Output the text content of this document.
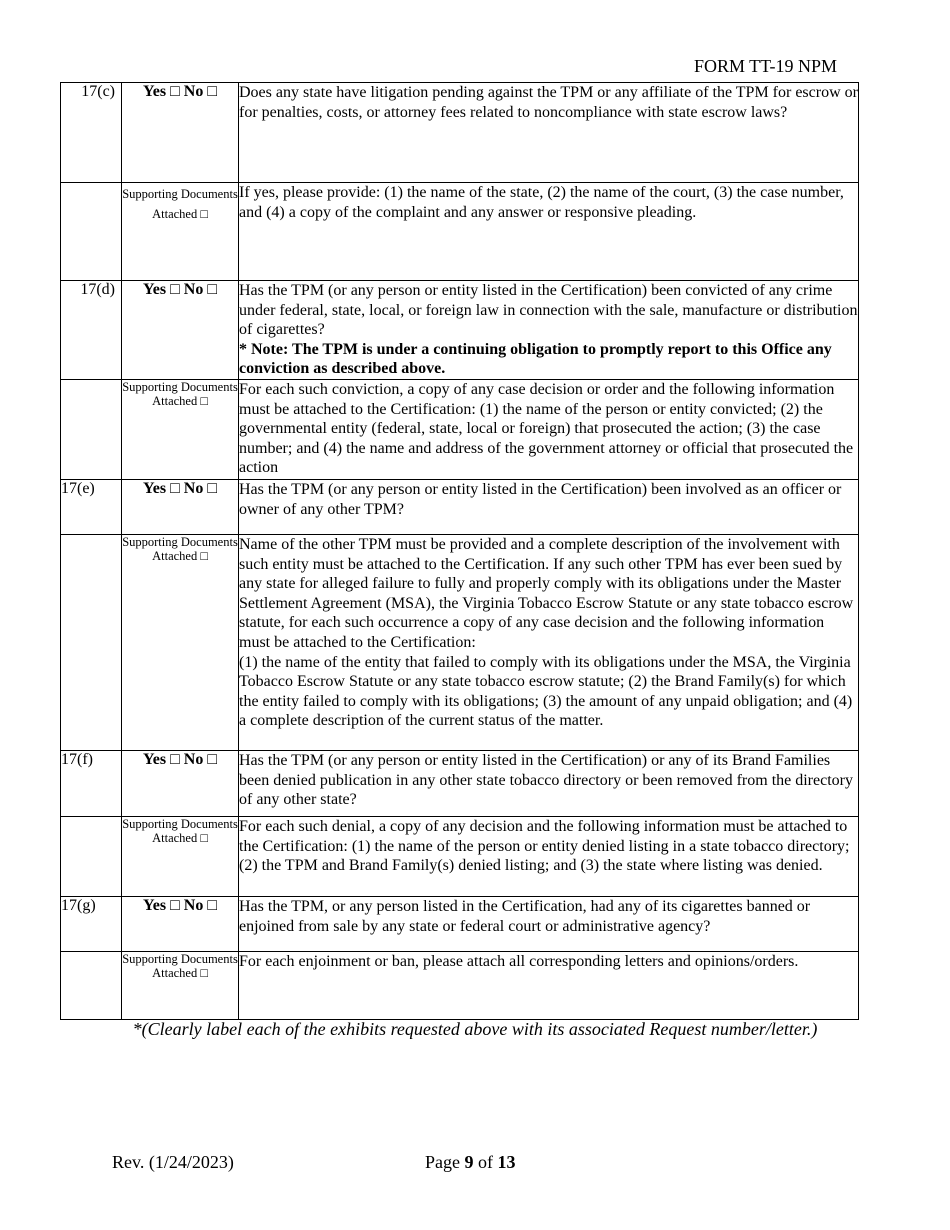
FORM TT-19 NPM
17(c)	Yes □ No □	Does any state have litigation pending against the TPM or any affiliate of the TPM for escrow or for penalties, costs, or attorney fees related to noncompliance with state escrow laws?
	Supporting Documents Attached □	If yes, please provide: (1) the name of the state, (2) the name of the court, (3) the case number, and (4) a copy of the complaint and any answer or responsive pleading.
17(d)	Yes □ No □	Has the TPM (or any person or entity listed in the Certification) been convicted of any crime under federal, state, local, or foreign law in connection with the sale, manufacture or distribution of cigarettes?
* Note: The TPM is under a continuing obligation to promptly report to this Office any conviction as described above.
	Supporting Documents Attached □	For each such conviction, a copy of any case decision or order and the following information must be attached to the Certification: (1) the name of the person or entity convicted; (2) the governmental entity (federal, state, local or foreign) that prosecuted the action; (3) the case number; and (4) the name and address of the government attorney or official that prosecuted the action
17(e)	Yes □ No □	Has the TPM (or any person or entity listed in the Certification) been involved as an officer or owner of any other TPM?
	Supporting Documents Attached □	Name of the other TPM must be provided and a complete description of the involvement with such entity must be attached to the Certification. If any such other TPM has ever been sued by any state for alleged failure to fully and properly comply with its obligations under the Master Settlement Agreement (MSA), the Virginia Tobacco Escrow Statute or any state tobacco escrow statute, for each such occurrence a copy of any case decision and the following information must be attached to the Certification:
(1) the name of the entity that failed to comply with its obligations under the MSA, the Virginia Tobacco Escrow Statute or any state tobacco escrow statute; (2) the Brand Family(s) for which the entity failed to comply with its obligations; (3) the amount of any unpaid obligation; and (4) a complete description of the current status of the matter.
17(f)	Yes □ No □	Has the TPM (or any person or entity listed in the Certification) or any of its Brand Families been denied publication in any other state tobacco directory or been removed from the directory of any other state?
	Supporting Documents Attached □	For each such denial, a copy of any decision and the following information must be attached to the Certification: (1) the name of the person or entity denied listing in a state tobacco directory; (2) the TPM and Brand Family(s) denied listing; and (3) the state where listing was denied.
17(g)	Yes □ No □	Has the TPM, or any person listed in the Certification, had any of its cigarettes banned or enjoined from sale by any state or federal court or administrative agency?
	Supporting Documents Attached □	For each enjoinment or ban, please attach all corresponding letters and opinions/orders.
*(Clearly label each of the exhibits requested above with its associated Request number/letter.)
Rev. (1/24/2023)	Page 9 of 13
